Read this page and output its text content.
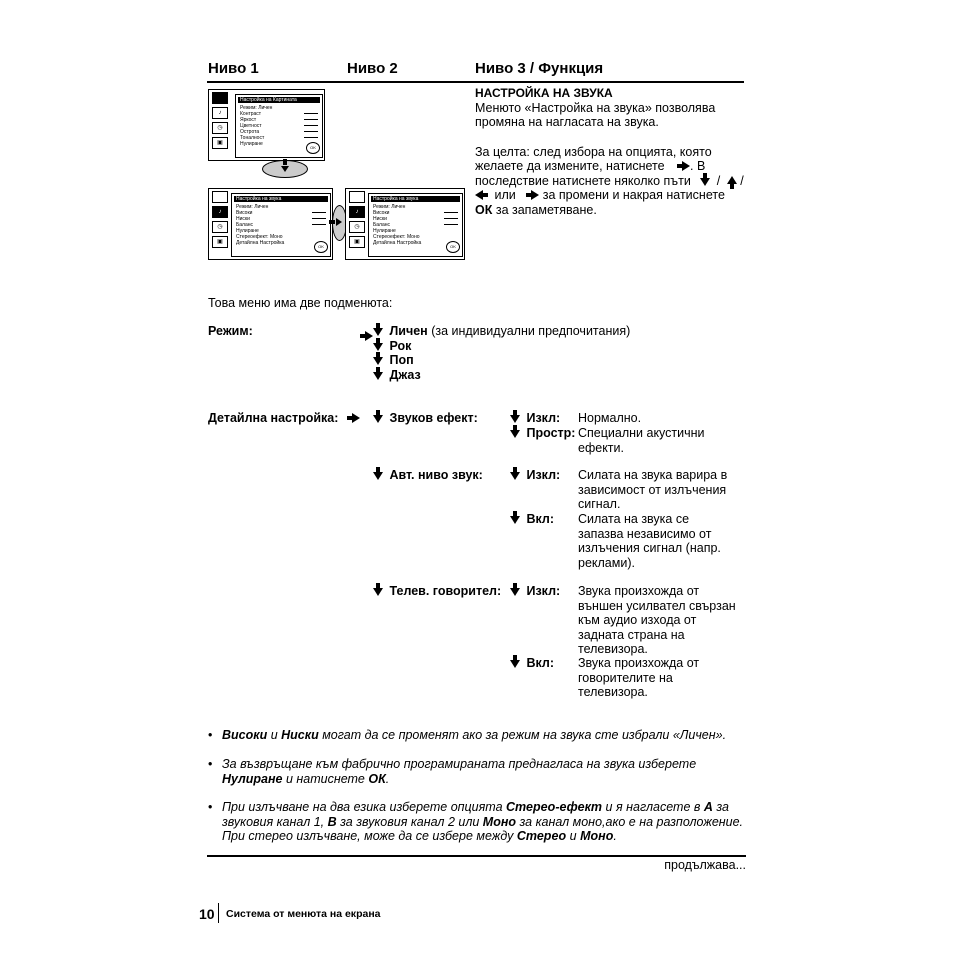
Ниво 1	Ниво 2	Ниво 3 / Функция
♪
◷
▣
Настройка на Картината
Режим: Личен
Контраст
Яркост
Цветност
Острота
Тоналност
Нулиране
OK
♪
◷
▣
Настройка на звука
Режим: Личен
Високи
Ниски
Баланс
Нулиране
Стереоефект: Моно
Детайлна Настройка
OK
♪
◷
▣
Настройка на звука
Режим: Личен
Високи
Ниски
Баланс
Нулиране
Стереоефект: Моно
Детайлна Настройка
OK
НАСТРОЙКА НА ЗВУКА
Менюто «Настройка на звука» позволява промяна на нагласата на звука.
За целта: след избора на опцията, която желаете да измените, натиснете . В последствие натиснете няколко пъти  /  /  или за промени и накрая натиснете ОК за запаметяване.
Това меню има две подменюта:
Режим:	Личен (за индивидуални предпочитания)
Рок
Поп
Джаз
Детайлна настройка:	Звуков ефект:	Изкл: Нормално.
Простр: Специални акустични ефекти.
Авт. ниво звук:	Изкл: Силата на звука варира в зависимост от излъчения сигнал.
Вкл: Силата на звука се запазва независимо от излъчения сигнал (напр. реклами).
Телев. говорител:	Изкл: Звука произхожда от външен усилвател свързан към аудио изхода от задната страна на телевизора.
Вкл: Звука произхожда от говорителите на телевизора.
• Високи и Ниски могат да се променят ако за режим на звука сте избрали «Личен».
• За възвръщане към фабрично програмираната преднагласа на звука изберете Нулиране и натиснете ОК.
• При излъчване на два езика изберете опцията Стерео-ефект и я нагласете в A за звуковия канал 1, B за звуковия канал 2 или Моно за канал моно,ако е на разположение. При стерео излъчване, може да се избере между Стерео и Моно.
продължава...
10 Система от менюта на екрана
